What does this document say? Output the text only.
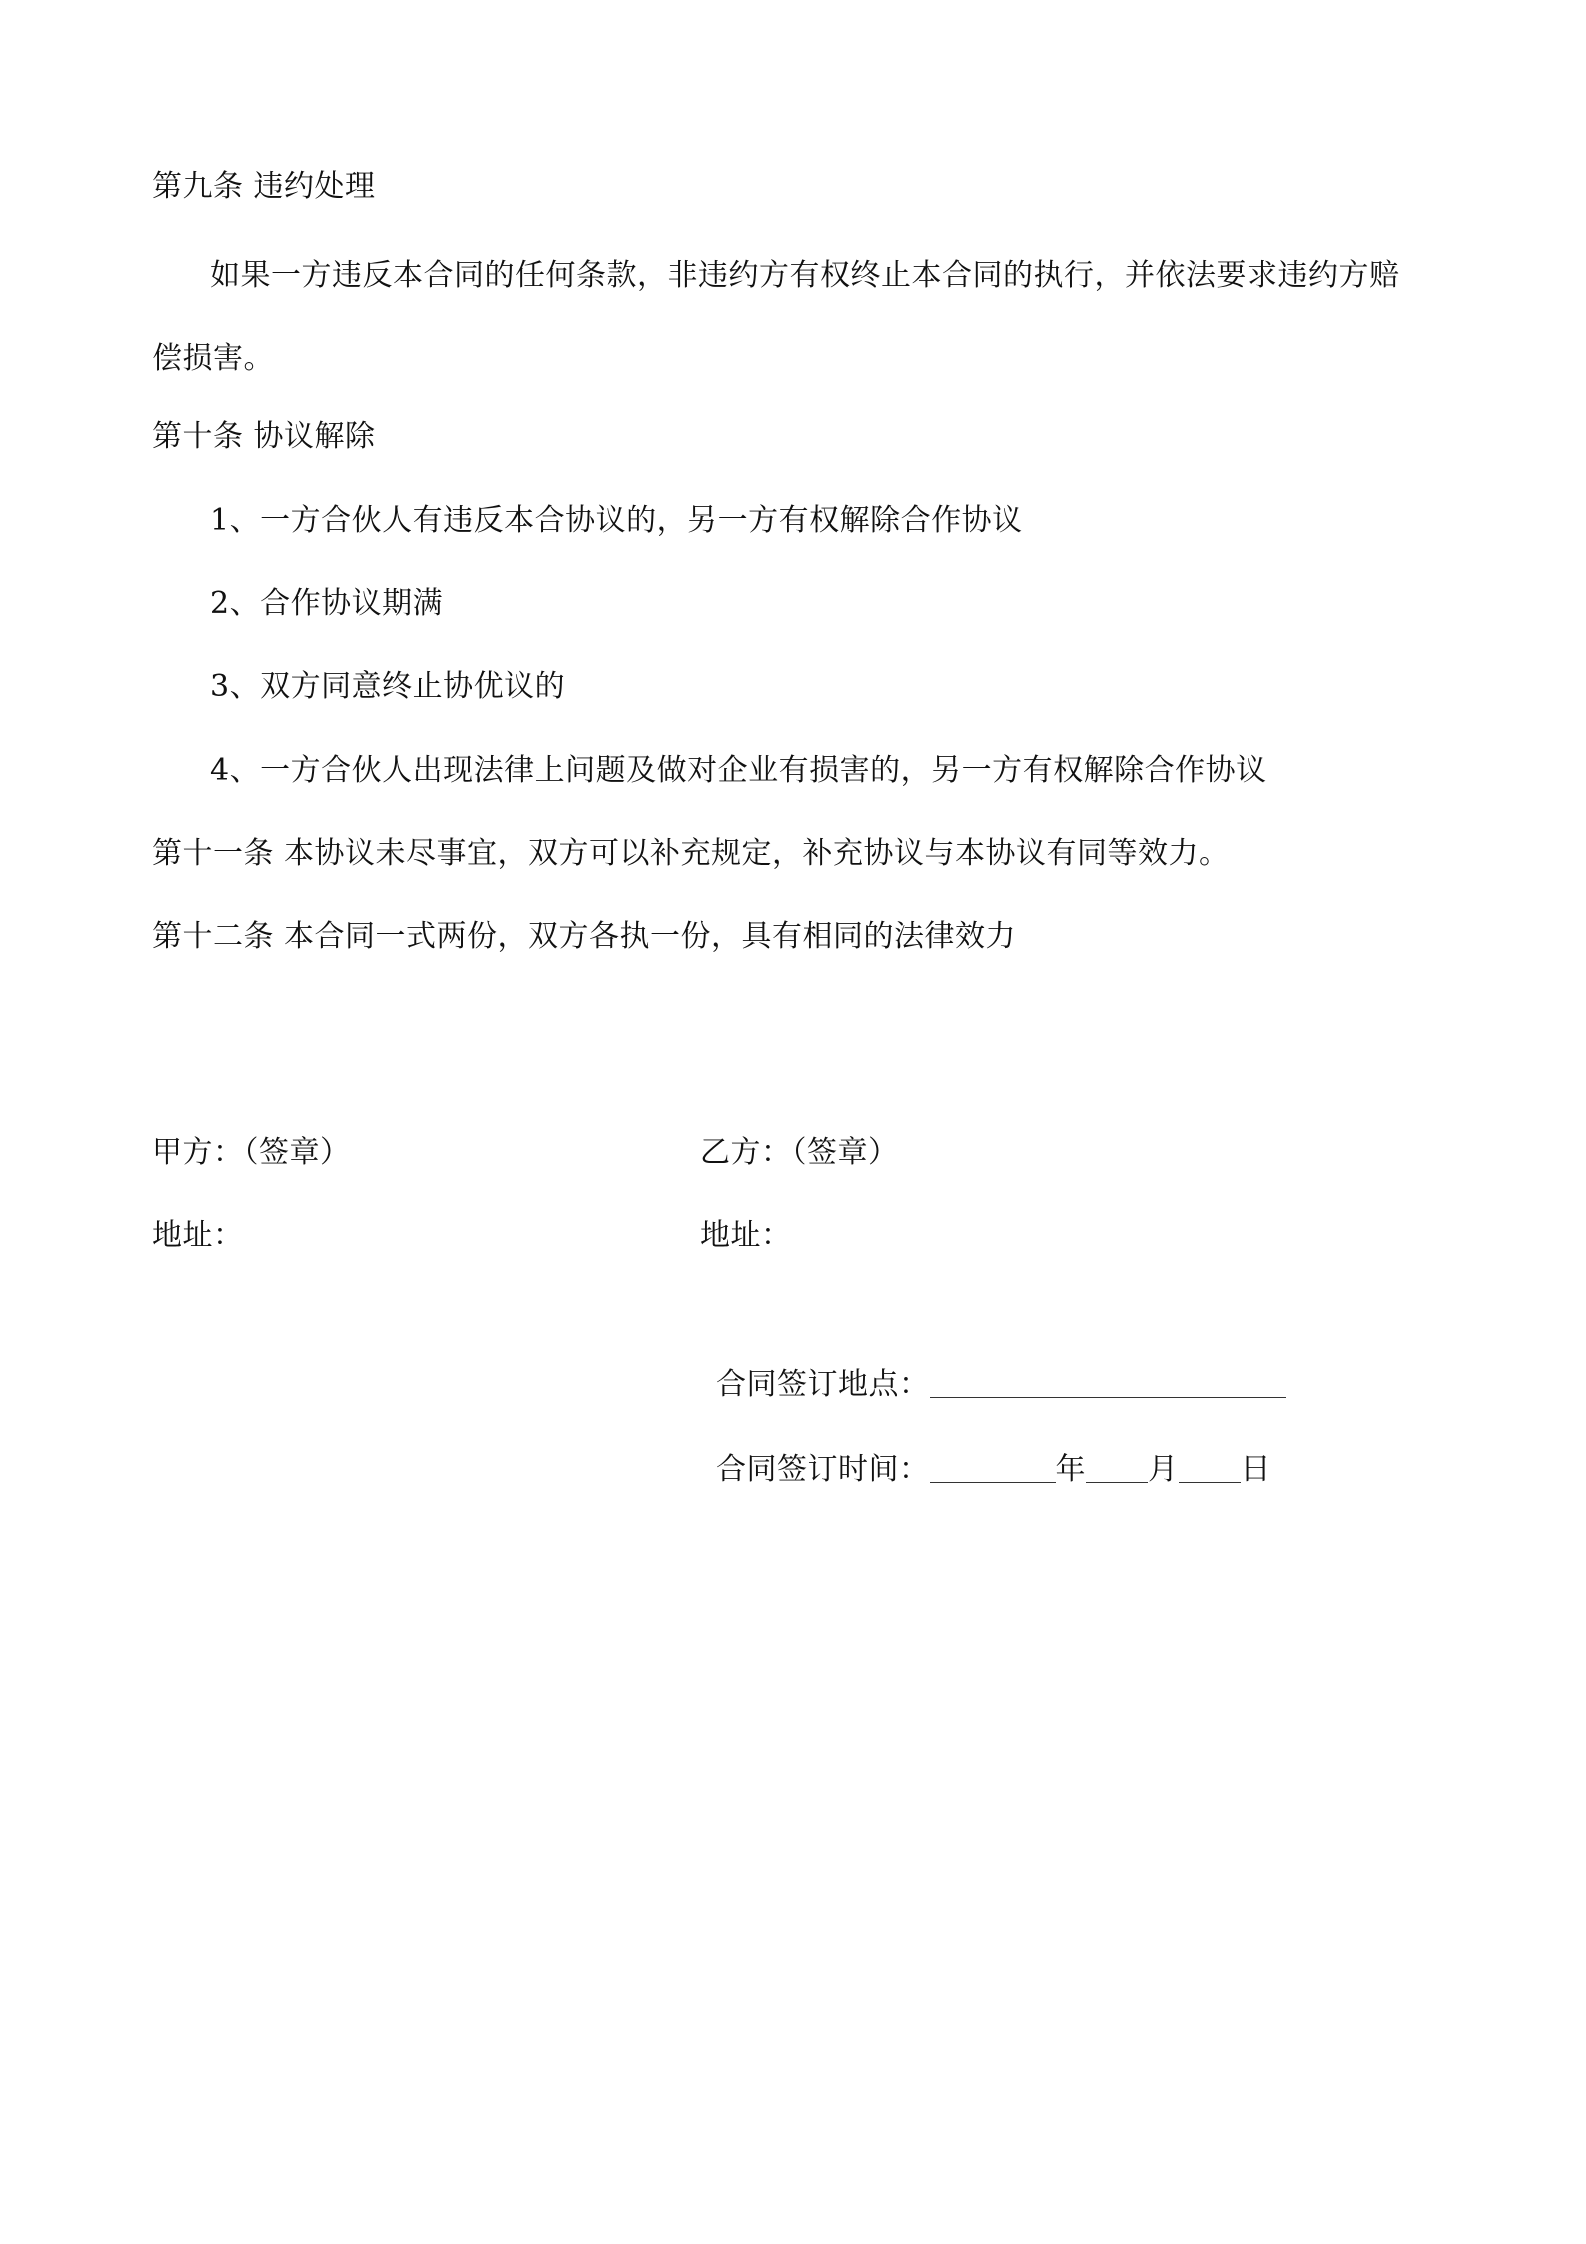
第九条 违约处理
如果一方违反本合同的任何条款，非违约方有权终止本合同的执行，并依法要求违约方赔偿损害。
第十条 协议解除
1、一方合伙人有违反本合协议的，另一方有权解除合作协议
2、合作协议期满
3、双方同意终止协优议的
4、一方合伙人出现法律上问题及做对企业有损害的，另一方有权解除合作协议
第十一条 本协议未尽事宜，双方可以补充规定，补充协议与本协议有同等效力。
第十二条 本合同一式两份，双方各执一份，具有相同的法律效力
甲方：（签章）	乙方：（签章）
地址：	地址：
合同签订地点：
合同签订时间：	年 月 日
